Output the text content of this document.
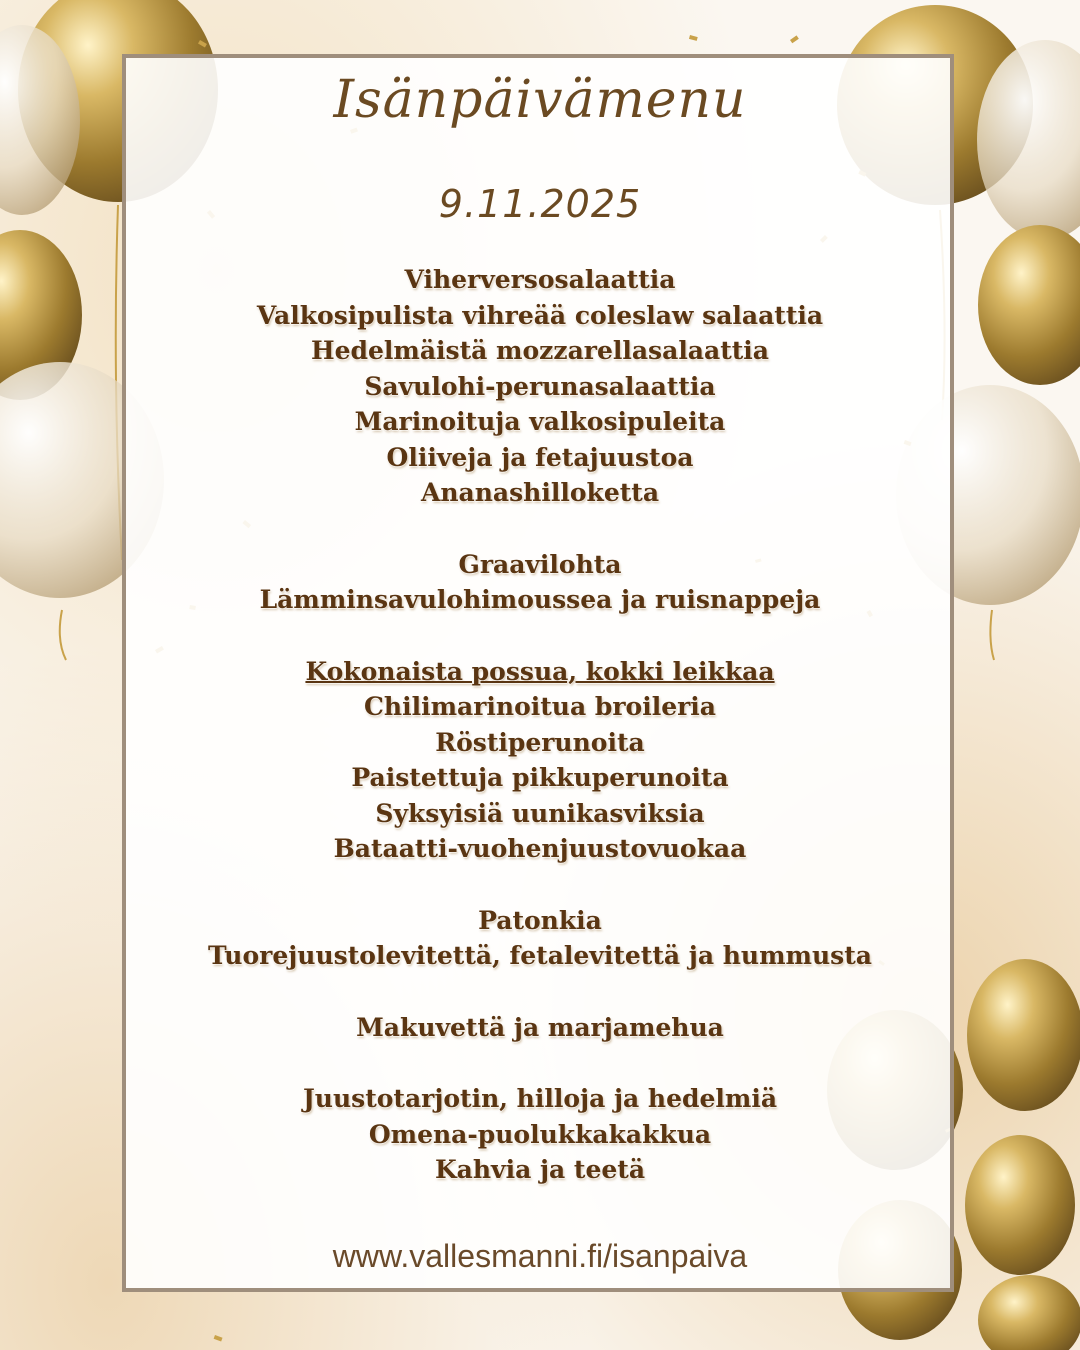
Isänpäivämenu
9.11.2025
Viherversosalaattia
Valkosipulista vihreää coleslaw salaattia
Hedelmäistä mozzarellasalaattia
Savulohi-perunasalaattia
Marinoituja valkosipuleita
Oliiveja ja fetajuustoa
Ananashilloketta
Graavilohta
Lämminsavulohimoussea ja ruisnappeja
Kokonaista possua, kokki leikkaa
Chilimarinoitua broileria
Röstiperunoita
Paistettuja pikkuperunoita
Syksyisiä uunikasviksia
Bataatti-vuohenjuustovuokaa
Patonkia
Tuorejuustolevitettä, fetalevitettä ja hummusta
Makuvettä ja marjamehua
Juustotarjotin, hilloja ja hedelmiä
Omena-puolukkakakkua
Kahvia ja teetä
www.vallesmanni.fi/isanpaiva
